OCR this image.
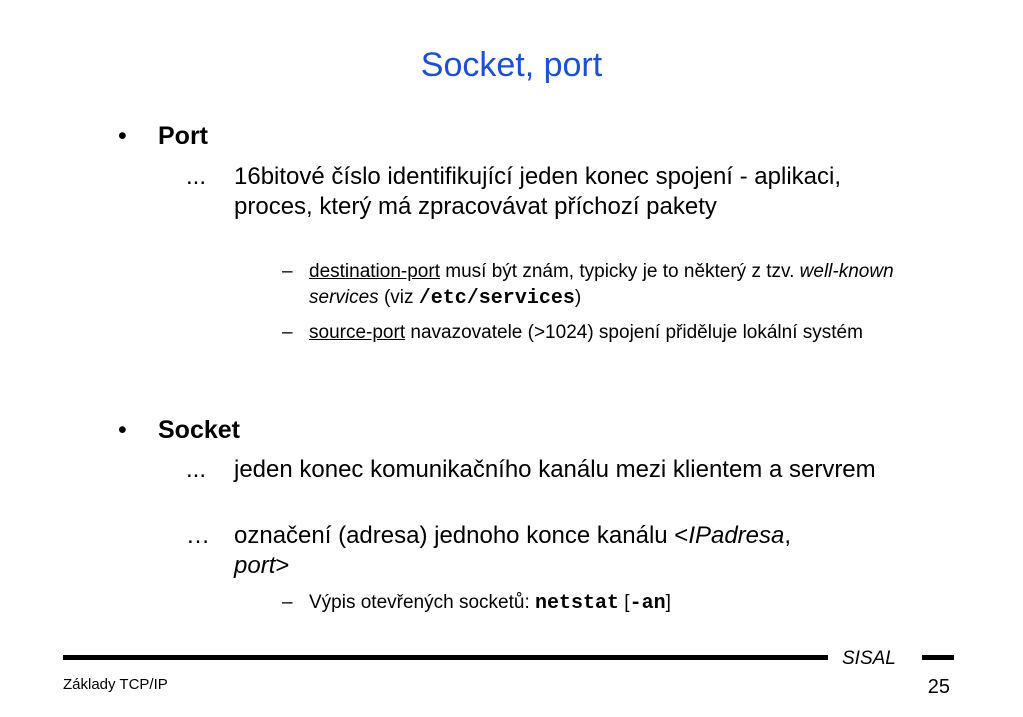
Socket, port
• Port
... 16bitové číslo identifikující jeden konec spojení - aplikaci, proces, který má zpracovávat příchozí pakety
– destination-port musí být znám, typicky je to některý z tzv. well-known services (viz /etc/services)
– source-port navazovatele (>1024) spojení přiděluje lokální systém
• Socket
... jeden konec komunikačního kanálu mezi klientem a servrem
… označení (adresa) jednoho konce kanálu <IPadresa, port>
– Výpis otevřených socketů: netstat [-an]
SISAL
Základy TCP/IP	25
